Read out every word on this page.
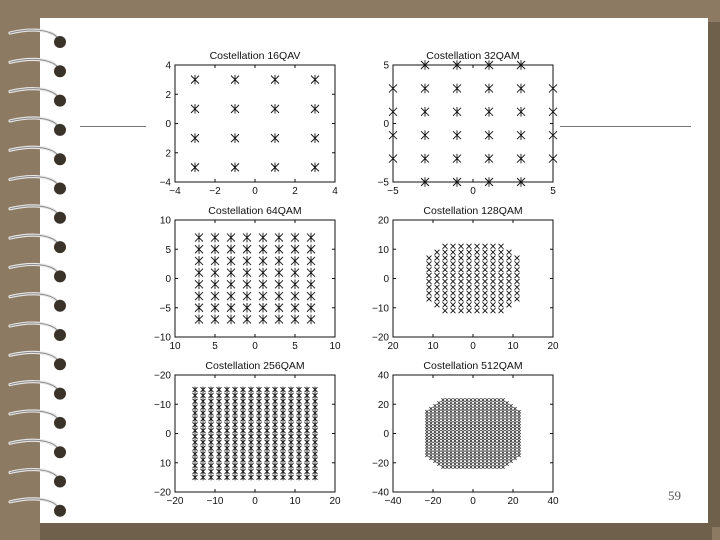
Costellation 16QAV
−4	−2	0	2	4
−4
2
0
2
4
Costellation 32QAM
−5	0	5
−5
0
5
Costellation 64QAM
10	5	0	5	10
−10
−5
0
5
10
Costellation 128QAM
20	10	0	10	20
−20
−10
0
10
20
Costellation 256QAM
−20 −10	0	10	20
−20
10
0
−10
−20
Costellation 512QAM
−40 −20	0	20	40
−40
−20
0
20
40
59
